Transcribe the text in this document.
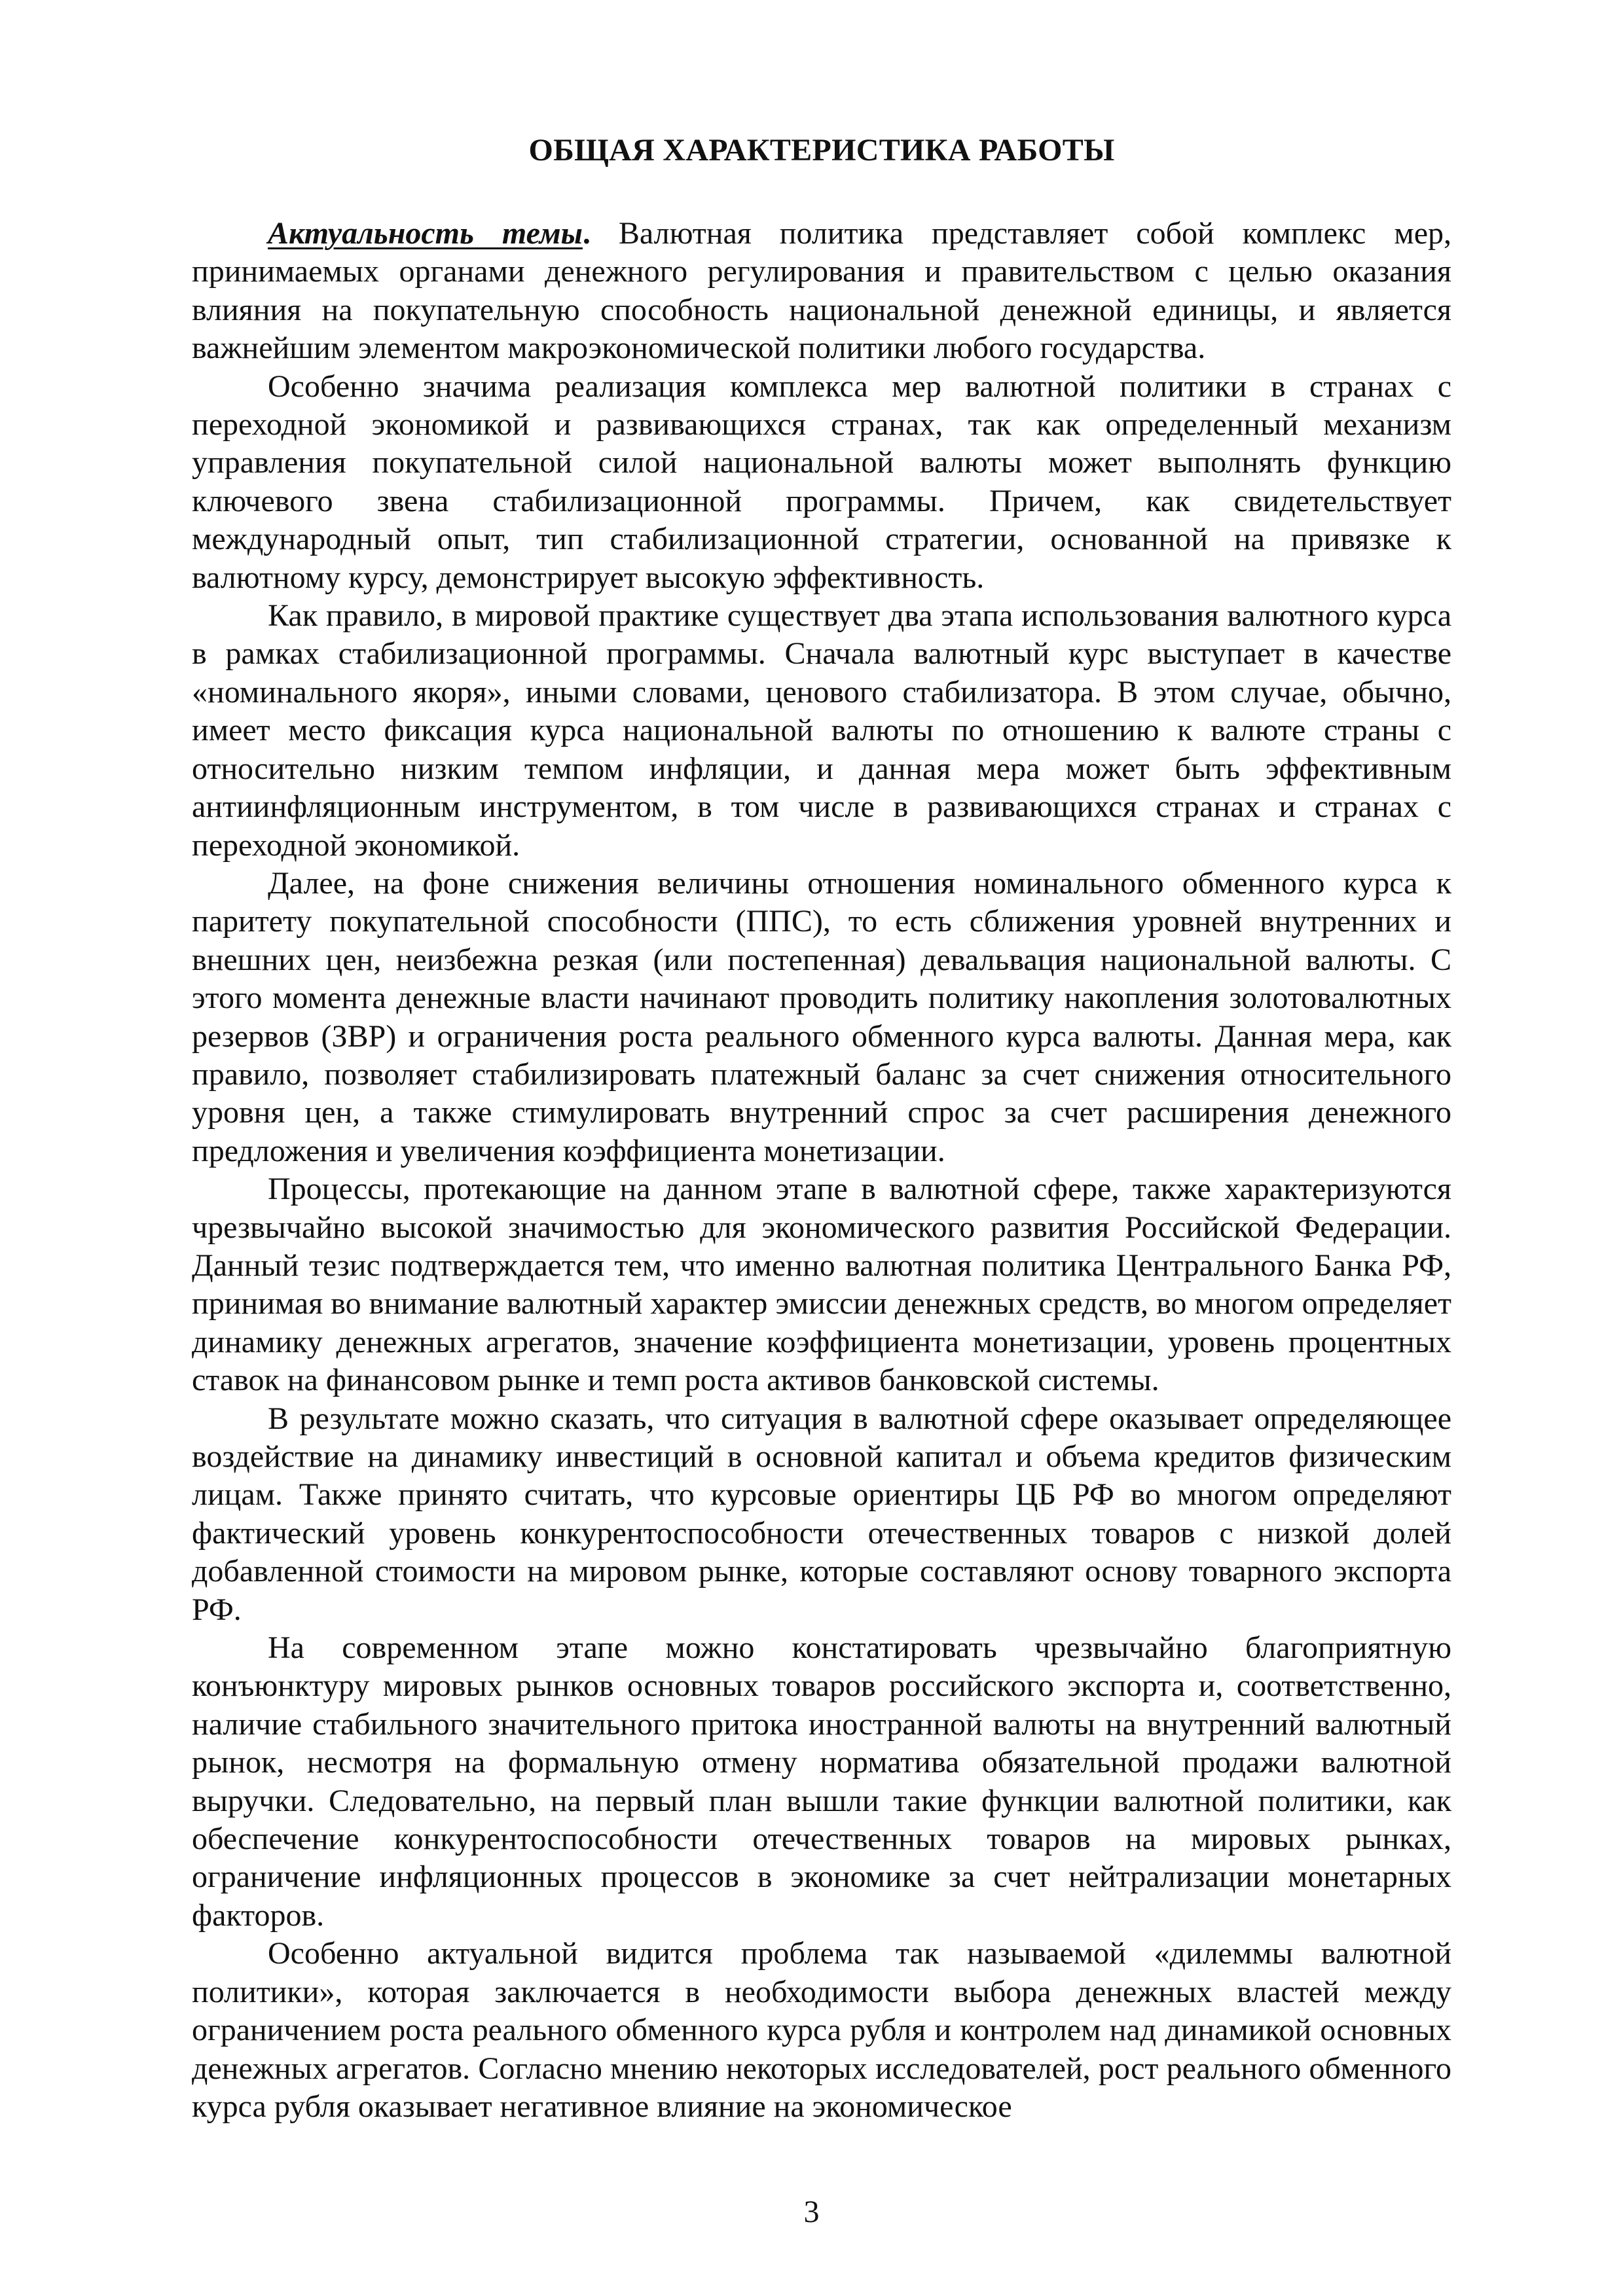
ОБЩАЯ ХАРАКТЕРИСТИКА РАБОТЫ

Актуальность темы. Валютная политика представляет собой комплекс мер, принимаемых органами денежного регулирования и правительством с целью оказания влияния на покупательную способность национальной денежной единицы, и является важнейшим элементом макроэкономической политики любого государства.

Особенно значима реализация комплекса мер валютной политики в странах с переходной экономикой и развивающихся странах, так как определенный механизм управления покупательной силой национальной валюты может выполнять функцию ключевого звена стабилизационной программы. Причем, как свидетельствует международный опыт, тип стабилизационной стратегии, основанной на привязке к валютному курсу, демонстрирует высокую эффективность.

Как правило, в мировой практике существует два этапа использования валютного курса в рамках стабилизационной программы. Сначала валютный курс выступает в качестве «номинального якоря», иными словами, ценового стабилизатора. В этом случае, обычно, имеет место фиксация курса национальной валюты по отношению к валюте страны с относительно низким темпом инфляции, и данная мера может быть эффективным антиинфляционным инструментом, в том числе в развивающихся странах и странах с переходной экономикой.

Далее, на фоне снижения величины отношения номинального обменного курса к паритету покупательной способности (ППС), то есть сближения уровней внутренних и внешних цен, неизбежна резкая (или постепенная) девальвация национальной валюты. С этого момента денежные власти начинают проводить политику накопления золотовалютных резервов (ЗВР) и ограничения роста реального обменного курса валюты. Данная мера, как правило, позволяет стабилизировать платежный баланс за счет снижения относительного уровня цен, а также стимулировать внутренний спрос за счет расширения денежного предложения и увеличения коэффициента монетизации.

Процессы, протекающие на данном этапе в валютной сфере, также характеризуются чрезвычайно высокой значимостью для экономического развития Российской Федерации. Данный тезис подтверждается тем, что именно валютная политика Центрального Банка РФ, принимая во внимание валютный характер эмиссии денежных средств, во многом определяет динамику денежных агрегатов, значение коэффициента монетизации, уровень процентных ставок на финансовом рынке и темп роста активов банковской системы.

В результате можно сказать, что ситуация в валютной сфере оказывает определяющее воздействие на динамику инвестиций в основной капитал и объема кредитов физическим лицам. Также принято считать, что курсовые ориентиры ЦБ РФ во многом определяют фактический уровень конкурентоспособности отечественных товаров с низкой долей добавленной стоимости на мировом рынке, которые составляют основу товарного экспорта РФ.

На современном этапе можно констатировать чрезвычайно благоприятную конъюнктуру мировых рынков основных товаров российского экспорта и, соответственно, наличие стабильного значительного притока иностранной валюты на внутренний валютный рынок, несмотря на формальную отмену норматива обязательной продажи валютной выручки. Следовательно, на первый план вышли такие функции валютной политики, как обеспечение конкурентоспособности отечественных товаров на мировых рынках, ограничение инфляционных процессов в экономике за счет нейтрализации монетарных факторов.

Особенно актуальной видится проблема так называемой «дилеммы валютной политики», которая заключается в необходимости выбора денежных властей между ограничением роста реального обменного курса рубля и контролем над динамикой основных денежных агрегатов. Согласно мнению некоторых исследователей, рост реального обменного курса рубля оказывает негативное влияние на экономическое

3
